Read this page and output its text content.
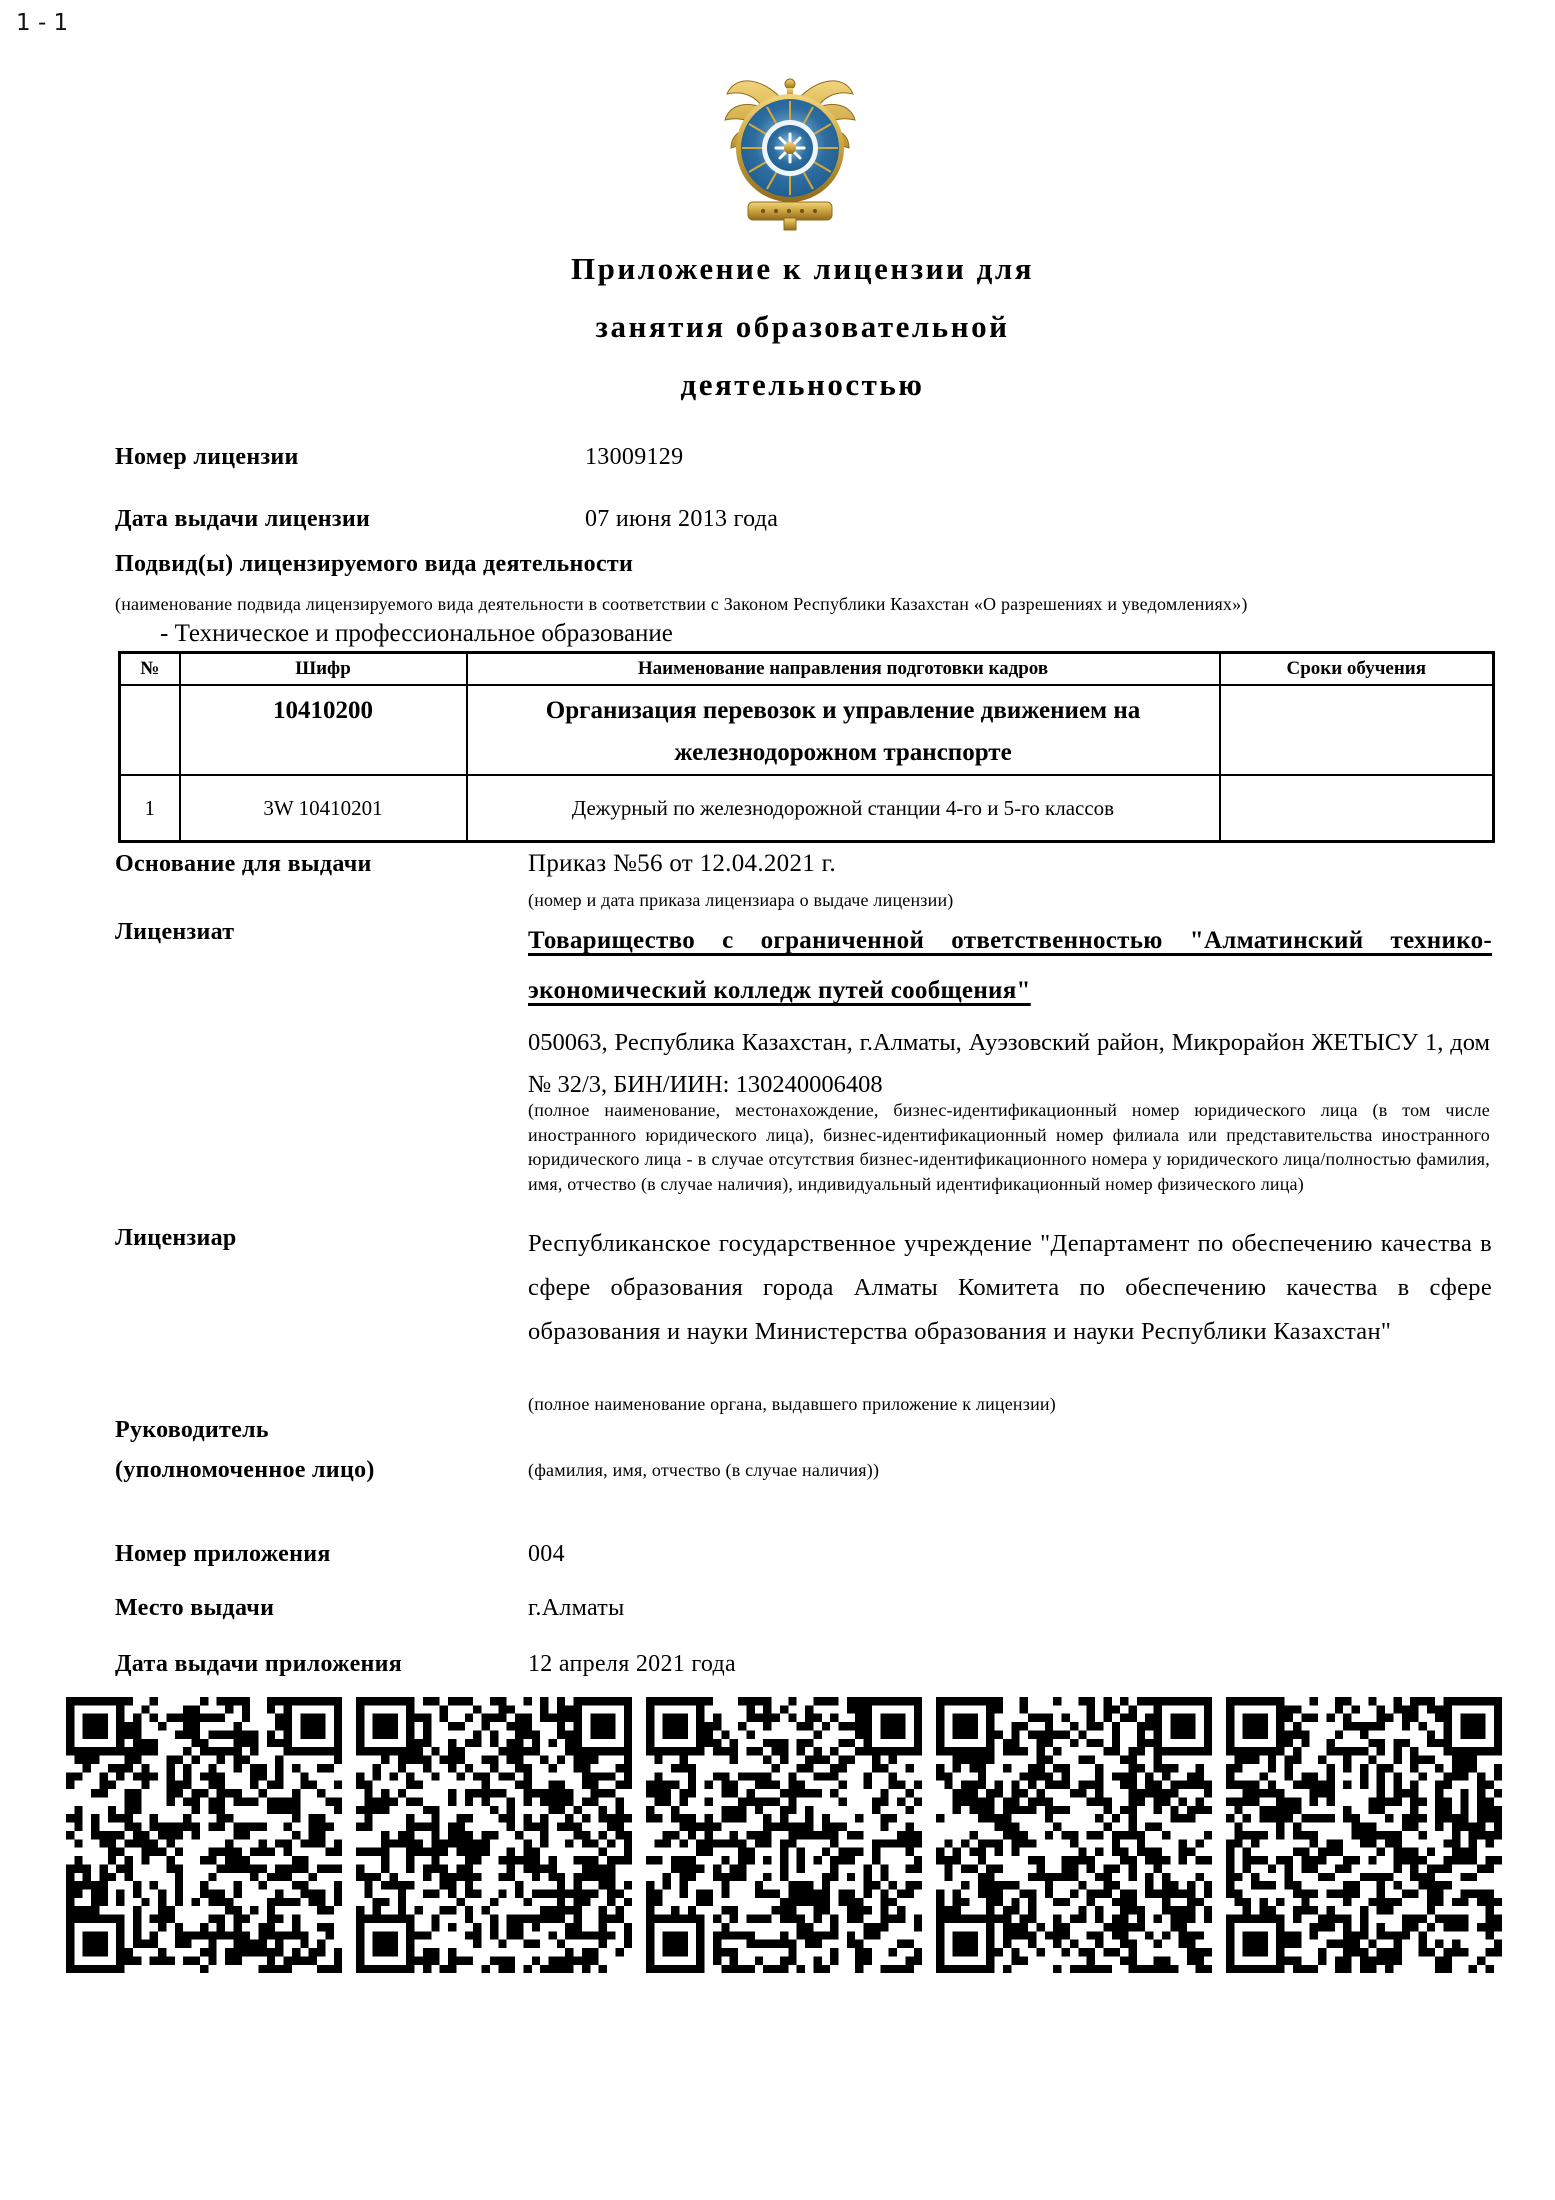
1 - 1
Приложение к лицензии для
занятия образовательной
деятельностью
Номер лицензии	13009129
Дата выдачи лицензии	07 июня 2013 года
Подвид(ы) лицензируемого вида деятельности
(наименование подвида лицензируемого вида деятельности в соответствии с Законом Республики Казахстан «О разрешениях и уведомлениях»)
- Техническое и профессиональное образование
№	Шифр	Наименование направления подготовки кадров	Сроки обучения
	10410200	Организация перевозок и управление движением на железнодорожном транспорте	
1	3W 10410201	Дежурный по железнодорожной станции 4-го и 5-го классов	
Основание для выдачи	Приказ №56 от 12.04.2021 г.
(номер и дата приказа лицензиара о выдаче лицензии)
Лицензиат	Товарищество с ограниченной ответственностью "Алматинский технико-экономический колледж путей сообщения"
050063, Республика Казахстан, г.Алматы, Ауэзовский район, Микрорайон ЖЕТЫСУ 1, дом № 32/3, БИН/ИИН: 130240006408
(полное наименование, местонахождение, бизнес-идентификационный номер юридического лица (в том числе иностранного юридического лица), бизнес-идентификационный номер филиала или представительства иностранного юридического лица - в случае отсутствия бизнес-идентификационного номера у юридического лица/полностью фамилия, имя, отчество (в случае наличия), индивидуальный идентификационный номер физического лица)
Лицензиар	Республиканское государственное учреждение "Департамент по обеспечению качества в сфере образования города Алматы Комитета по обеспечению качества в сфере образования и науки Министерства образования и науки Республики Казахстан"
(полное наименование органа, выдавшего приложение к лицензии)
Руководитель
(уполномоченное лицо)	(фамилия, имя, отчество (в случае наличия))
Номер приложения	004
Место выдачи	г.Алматы
Дата выдачи приложения	12 апреля 2021 года
